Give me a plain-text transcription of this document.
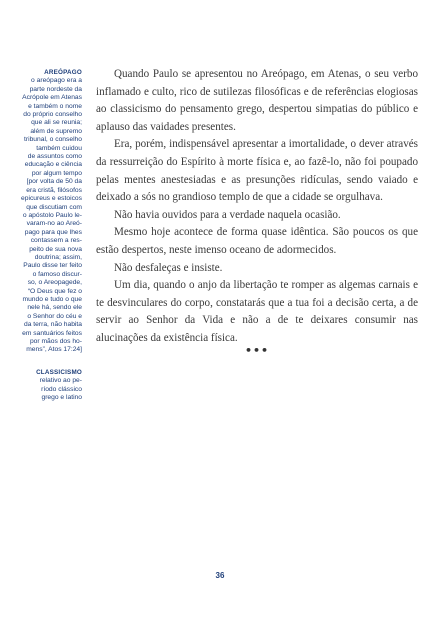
AREÓPAGO
o areópago era a
parte nordeste da
Acrópole em Atenas
e também o nome
do próprio conselho
que ali se reunia;
além de supremo
tribunal, o conselho
também cuidou
de assuntos como
educação e ciência
por algum tempo
[por volta de 50 da
era cristã, filósofos
epicureus e estoicos
que discutiam com
o apóstolo Paulo le-
varam-no ao Areó-
pago para que lhes
contassem a res-
peito de sua nova
doutrina; assim,
Paulo disse ter feito
o famoso discur-
so, o Areopagede,
“O Deus que fez o
mundo e tudo o que
nele há, sendo ele
o Senhor do céu e
da terra, não habita
em santuários feitos
por mãos dos ho-
mens”, Atos 17:24]
CLASSICISMO
relativo ao pe-
ríodo clássico
grego e latino

Quando Paulo se apresentou no Areópago, em Atenas, o seu verbo inflamado e culto, rico de sutilezas filosóficas e de referências elogiosas ao classicismo do pensamento grego, despertou simpatias do público e aplauso das vaidades presentes.

Era, porém, indispensável apresentar a imortalidade, o dever através da ressurreição do Espírito à morte física e, ao fazê-lo, não foi poupado pelas mentes anestesiadas e as presunções ridículas, sendo vaiado e deixado a sós no grandioso templo de que a cidade se orgulhava.

Não havia ouvidos para a verdade naquela ocasião.

Mesmo hoje acontece de forma quase idêntica. São poucos os que estão despertos, neste imenso oceano de adormecidos.

Não desfaleças e insiste.

Um dia, quando o anjo da libertação te romper as algemas carnais e te desvinculares do corpo, constatarás que a tua foi a decisão certa, a de servir ao Senhor da Vida e não a de te deixares consumir nas alucinações da existência física.

•••
36
